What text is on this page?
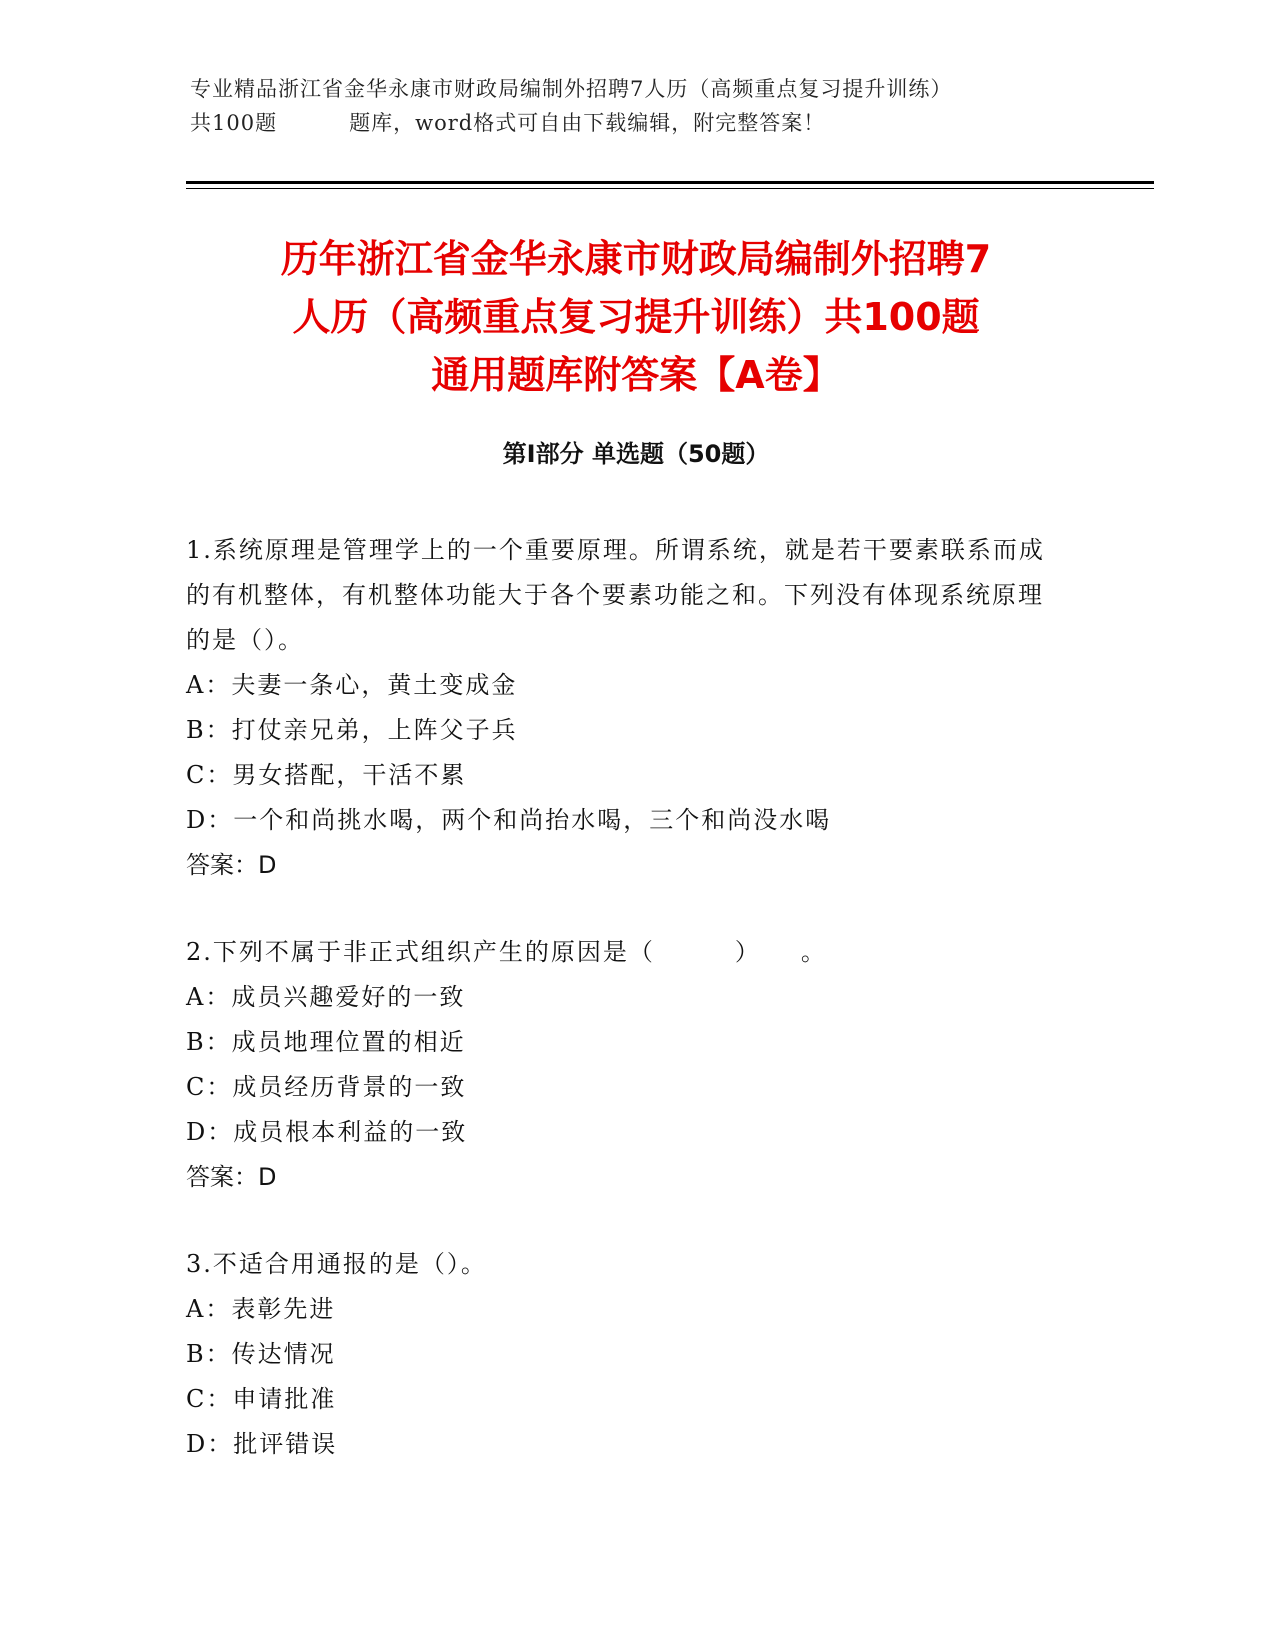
专业精品浙江省金华永康市财政局编制外招聘7人历（高频重点复习提升训练）
共100题	题库，word格式可自由下载编辑，附完整答案！
历年浙江省金华永康市财政局编制外招聘7
人历（高频重点复习提升训练）共100题
通用题库附答案【A卷】
第Ⅰ部分 单选题（50题）
1.系统原理是管理学上的一个重要原理。所谓系统，就是若干要素联系而成的有机整体，有机整体功能大于各个要素功能之和。下列没有体现系统原理的是（）。
A：夫妻一条心，黄土变成金
B：打仗亲兄弟，上阵父子兵
C：男女搭配，干活不累
D：一个和尚挑水喝，两个和尚抬水喝，三个和尚没水喝
答案：D
2.下列不属于非正式组织产生的原因是（	） 。
A：成员兴趣爱好的一致
B：成员地理位置的相近
C：成员经历背景的一致
D：成员根本利益的一致
答案：D
3.不适合用通报的是（）。
A：表彰先进
B：传达情况
C：申请批准
D：批评错误
